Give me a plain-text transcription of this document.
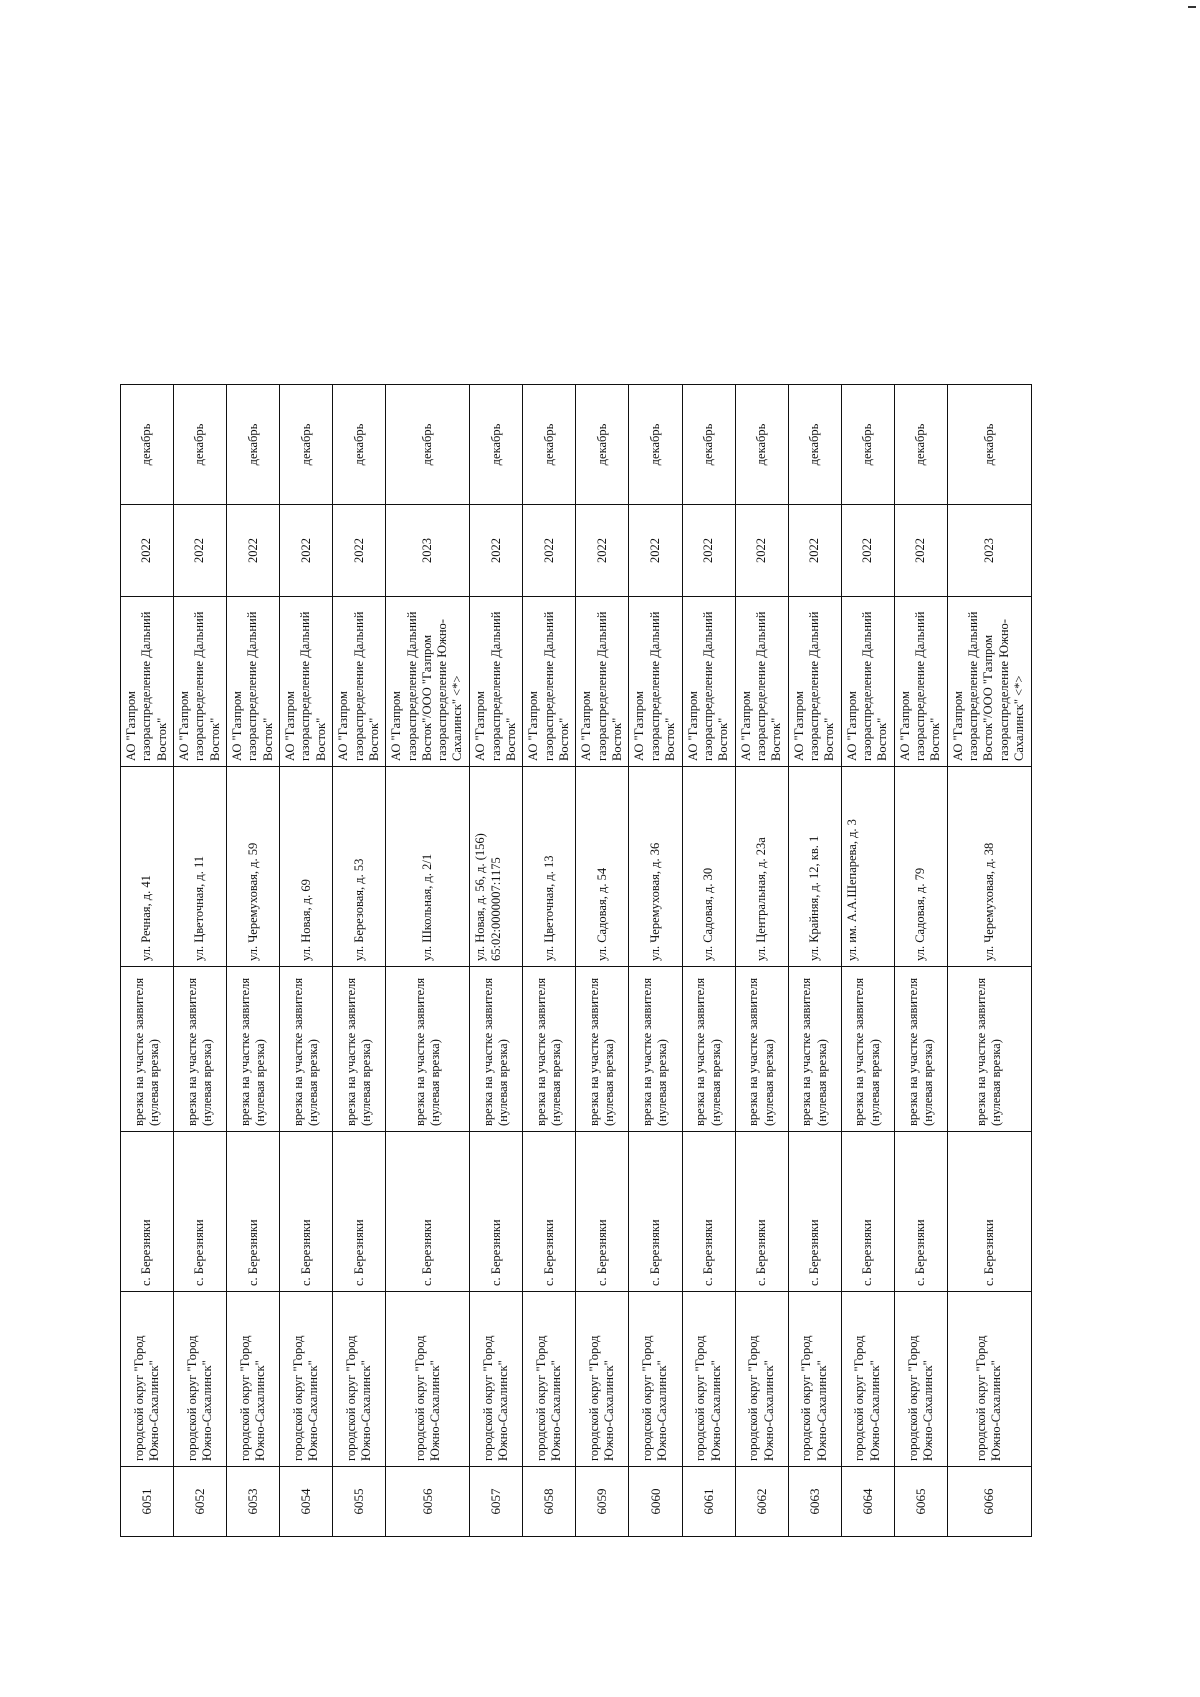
6051	городской округ "Город Южно-Сахалинск"	с. Березняки	врезка на участке заявителя (нулевая врезка)	ул. Речная, д. 41	АО "Газпром газораспределение Дальний Восток"	2022	декабрь
6052	городской округ "Город Южно-Сахалинск"	с. Березняки	врезка на участке заявителя (нулевая врезка)	ул. Цветочная, д. 11	АО "Газпром газораспределение Дальний Восток"	2022	декабрь
6053	городской округ "Город Южно-Сахалинск"	с. Березняки	врезка на участке заявителя (нулевая врезка)	ул. Черемуховая, д. 59	АО "Газпром газораспределение Дальний Восток"	2022	декабрь
6054	городской округ "Город Южно-Сахалинск"	с. Березняки	врезка на участке заявителя (нулевая врезка)	ул. Новая, д. 69	АО "Газпром газораспределение Дальний Восток"	2022	декабрь
6055	городской округ "Город Южно-Сахалинск"	с. Березняки	врезка на участке заявителя (нулевая врезка)	ул. Березовая, д. 53	АО "Газпром газораспределение Дальний Восток"	2022	декабрь
6056	городской округ "Город Южно-Сахалинск"	с. Березняки	врезка на участке заявителя (нулевая врезка)	ул. Школьная, д. 2/1	АО "Газпром газораспределение Дальний Восток"/ООО "Газпром газораспределение Южно-Сахалинск" <*>	2023	декабрь
6057	городской округ "Город Южно-Сахалинск"	с. Березняки	врезка на участке заявителя (нулевая врезка)	ул. Новая, д. 56, д. (156) 65:02:0000007:1175	АО "Газпром газораспределение Дальний Восток"	2022	декабрь
6058	городской округ "Город Южно-Сахалинск"	с. Березняки	врезка на участке заявителя (нулевая врезка)	ул. Цветочная, д. 13	АО "Газпром газораспределение Дальний Восток"	2022	декабрь
6059	городской округ "Город Южно-Сахалинск"	с. Березняки	врезка на участке заявителя (нулевая врезка)	ул. Садовая, д. 54	АО "Газпром газораспределение Дальний Восток"	2022	декабрь
6060	городской округ "Город Южно-Сахалинск"	с. Березняки	врезка на участке заявителя (нулевая врезка)	ул. Черемуховая, д. 36	АО "Газпром газораспределение Дальний Восток"	2022	декабрь
6061	городской округ "Город Южно-Сахалинск"	с. Березняки	врезка на участке заявителя (нулевая врезка)	ул. Садовая, д. 30	АО "Газпром газораспределение Дальний Восток"	2022	декабрь
6062	городской округ "Город Южно-Сахалинск"	с. Березняки	врезка на участке заявителя (нулевая врезка)	ул. Центральная, д. 23а	АО "Газпром газораспределение Дальний Восток"	2022	декабрь
6063	городской округ "Город Южно-Сахалинск"	с. Березняки	врезка на участке заявителя (нулевая врезка)	ул. Крайняя, д. 12, кв. 1	АО "Газпром газораспределение Дальний Восток"	2022	декабрь
6064	городской округ "Город Южно-Сахалинск"	с. Березняки	врезка на участке заявителя (нулевая врезка)	ул. им. А.А.Шепарева, д. 3	АО "Газпром газораспределение Дальний Восток"	2022	декабрь
6065	городской округ "Город Южно-Сахалинск"	с. Березняки	врезка на участке заявителя (нулевая врезка)	ул. Садовая, д. 79	АО "Газпром газораспределение Дальний Восток"	2022	декабрь
6066	городской округ "Город Южно-Сахалинск"	с. Березняки	врезка на участке заявителя (нулевая врезка)	ул. Черемуховая, д. 38	АО "Газпром газораспределение Дальний Восток"/ООО "Газпром газораспределение Южно-Сахалинск" <*>	2023	декабрь
